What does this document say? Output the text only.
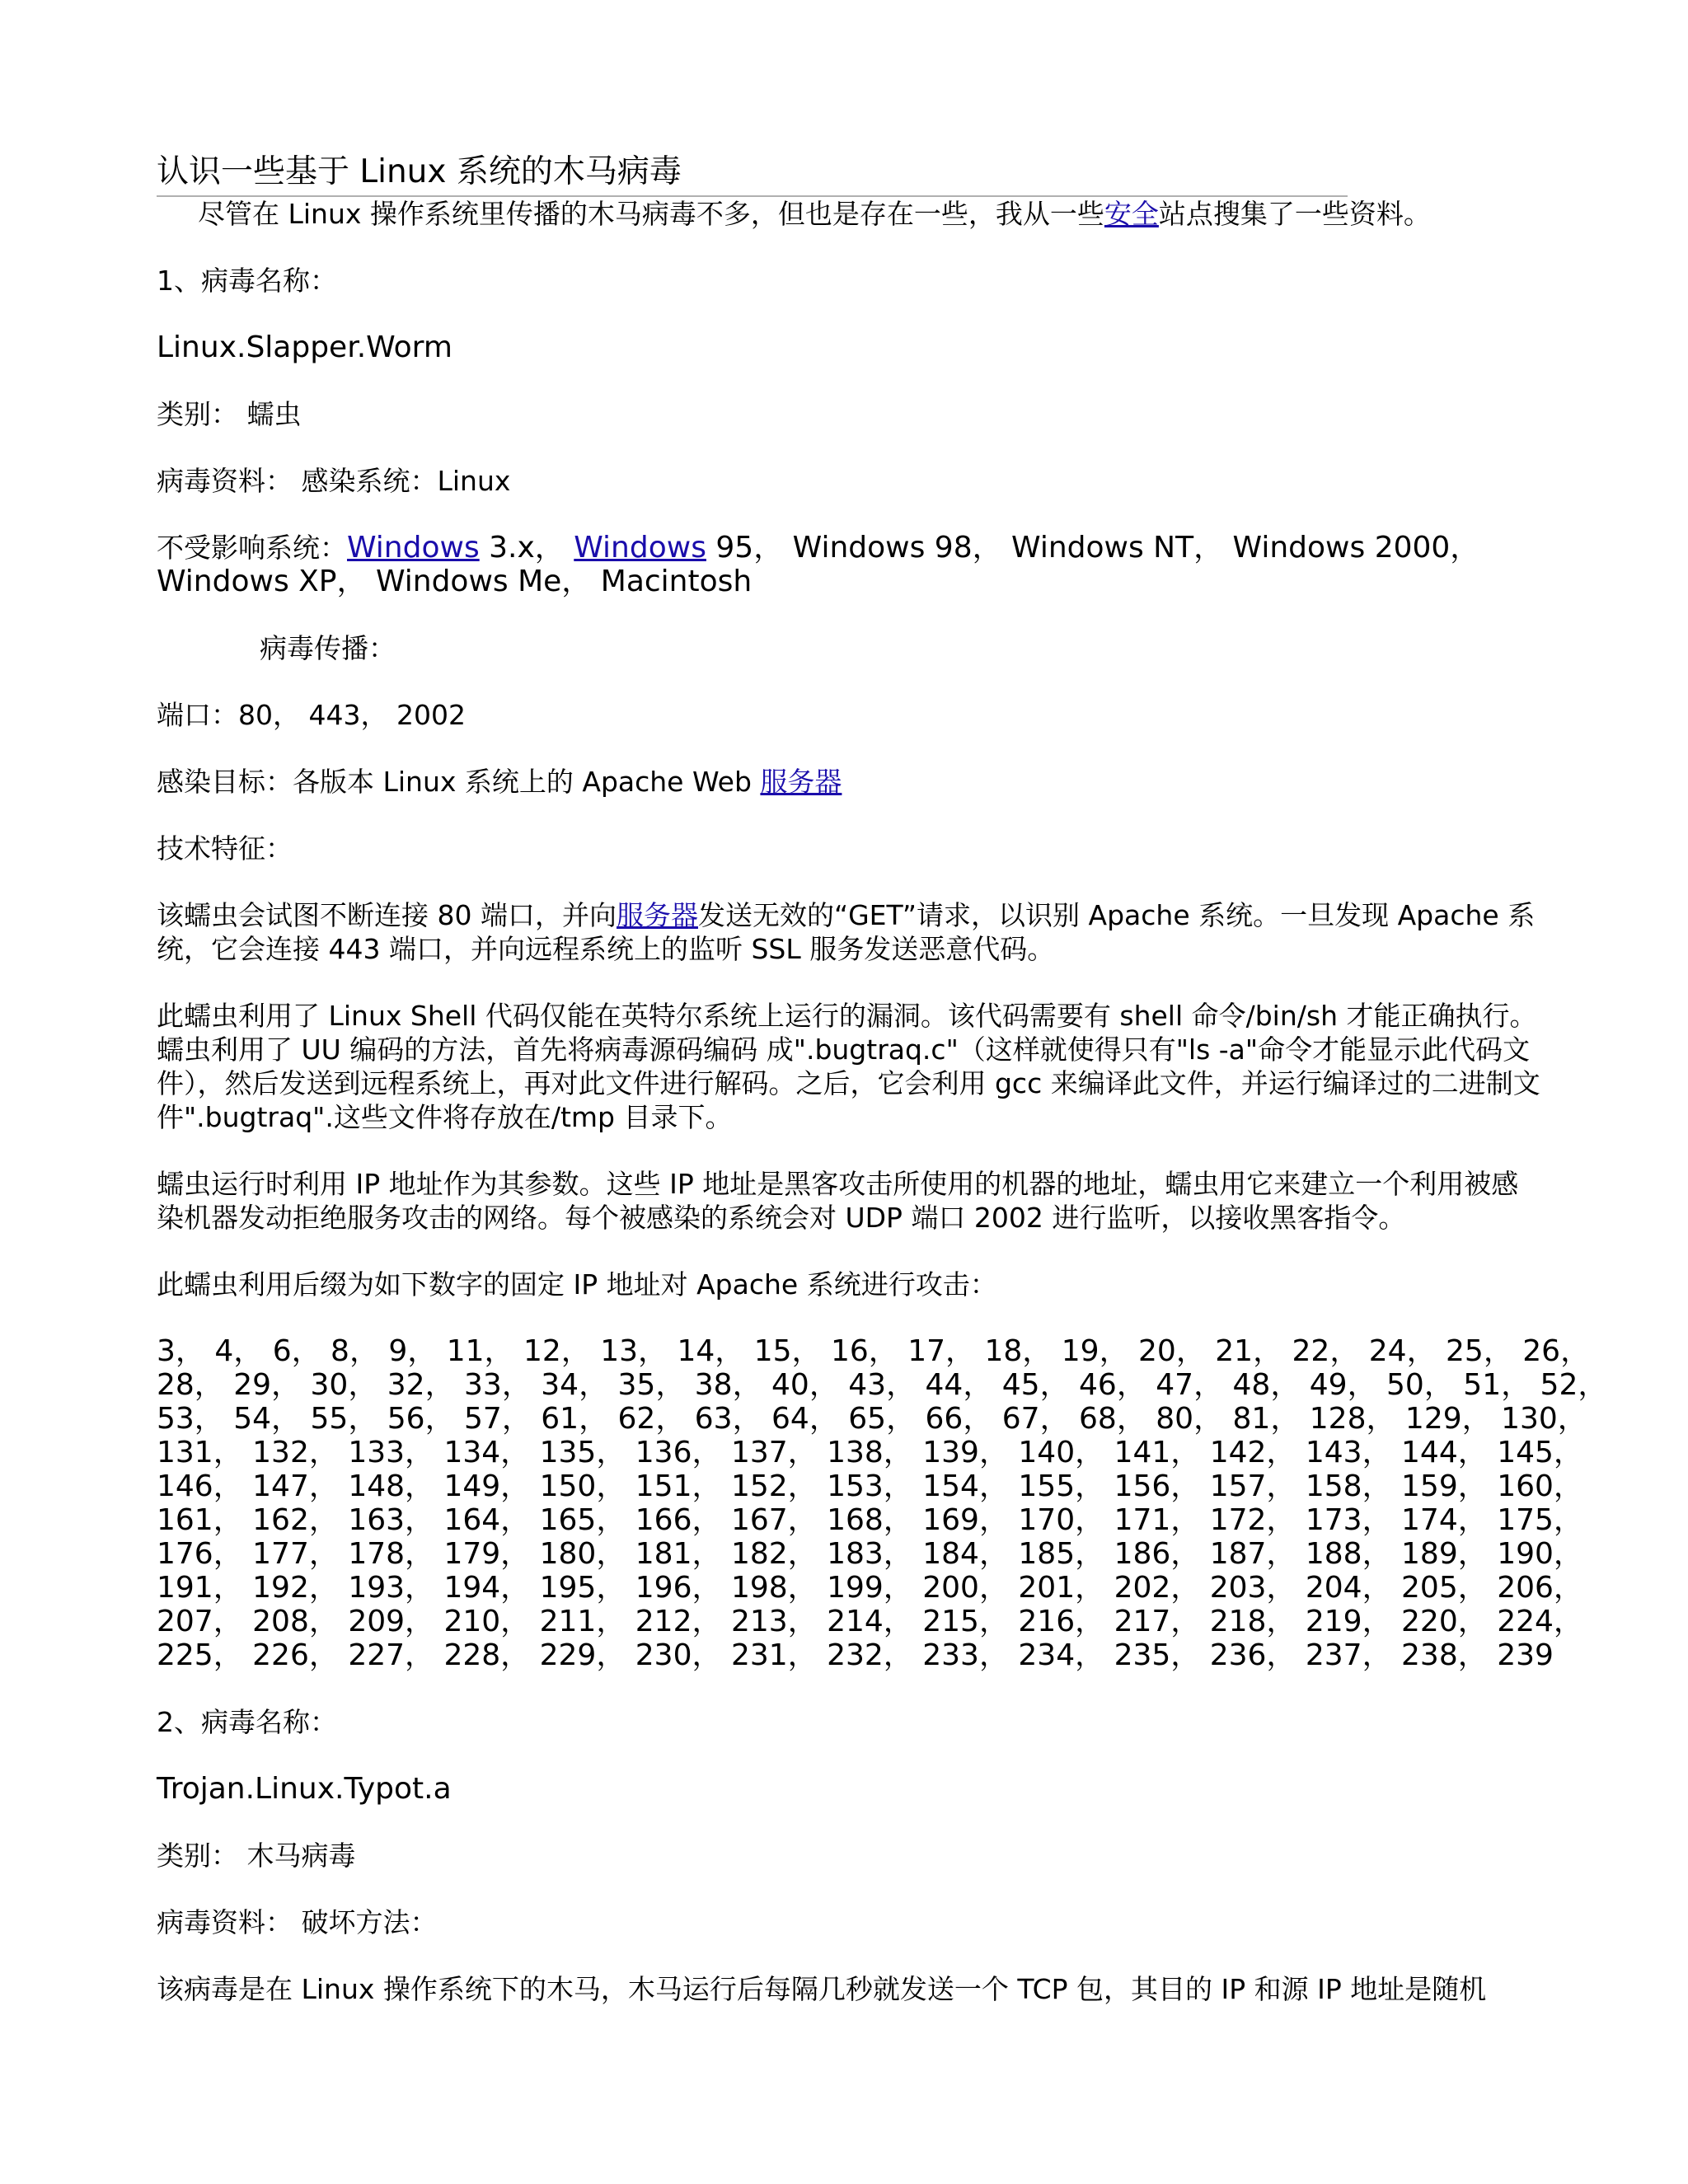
认识一些基于 Linux 系统的木马病毒

尽管在 Linux 操作系统里传播的木马病毒不多，但也是存在一些，我从一些安全站点搜集了一些资料。

1、病毒名称：

Linux.Slapper.Worm

类别： 蠕虫

病毒资料： 感染系统：Linux

不受影响系统：Windows 3.x， Windows 95， Windows 98， Windows NT， Windows 2000，
Windows XP， Windows Me， Macintosh

病毒传播：

端口：80， 443， 2002

感染目标：各版本 Linux 系统上的 Apache Web 服务器

技术特征：

该蠕虫会试图不断连接 80 端口，并向服务器发送无效的“GET”请求，以识别 Apache 系统。一旦发现 Apache 系统，它会连接 443 端口，并向远程系统上的监听 SSL 服务发送恶意代码。

此蠕虫利用了 Linux Shell 代码仅能在英特尔系统上运行的漏洞。该代码需要有 shell 命令/bin/sh 才能正确执行。蠕虫利用了 UU 编码的方法，首先将病毒源码编码 成".bugtraq.c"（这样就使得只有"ls -a"命令才能显示此代码文件），然后发送到远程系统上，再对此文件进行解码。之后，它会利用 gcc 来编译此文件，并运行编译过的二进制文 件".bugtraq".这些文件将存放在/tmp 目录下。

蠕虫运行时利用 IP 地址作为其参数。这些 IP 地址是黑客攻击所使用的机器的地址，蠕虫用它来建立一个利用被感染机器发动拒绝服务攻击的网络。每个被感染的系统会对 UDP 端口 2002 进行监听，以接收黑客指令。

此蠕虫利用后缀为如下数字的固定 IP 地址对 Apache 系统进行攻击：

3， 4， 6， 8， 9， 11， 12， 13， 14， 15， 16， 17， 18， 19， 20， 21， 22， 24， 25， 26，
28， 29， 30， 32， 33， 34， 35， 38， 40， 43， 44， 45， 46， 47， 48， 49， 50， 51， 52，
53， 54， 55， 56， 57， 61， 62， 63， 64， 65， 66， 67， 68， 80， 81， 128， 129， 130，
131， 132， 133， 134， 135， 136， 137， 138， 139， 140， 141， 142， 143， 144， 145，
146， 147， 148， 149， 150， 151， 152， 153， 154， 155， 156， 157， 158， 159， 160，
161， 162， 163， 164， 165， 166， 167， 168， 169， 170， 171， 172， 173， 174， 175，
176， 177， 178， 179， 180， 181， 182， 183， 184， 185， 186， 187， 188， 189， 190，
191， 192， 193， 194， 195， 196， 198， 199， 200， 201， 202， 203， 204， 205， 206，
207， 208， 209， 210， 211， 212， 213， 214， 215， 216， 217， 218， 219， 220， 224，
225， 226， 227， 228， 229， 230， 231， 232， 233， 234， 235， 236， 237， 238， 239

2、病毒名称：

Trojan.Linux.Typot.a

类别： 木马病毒

病毒资料： 破坏方法：

该病毒是在 Linux 操作系统下的木马，木马运行后每隔几秒就发送一个 TCP 包，其目的 IP 和源 IP 地址是随机
